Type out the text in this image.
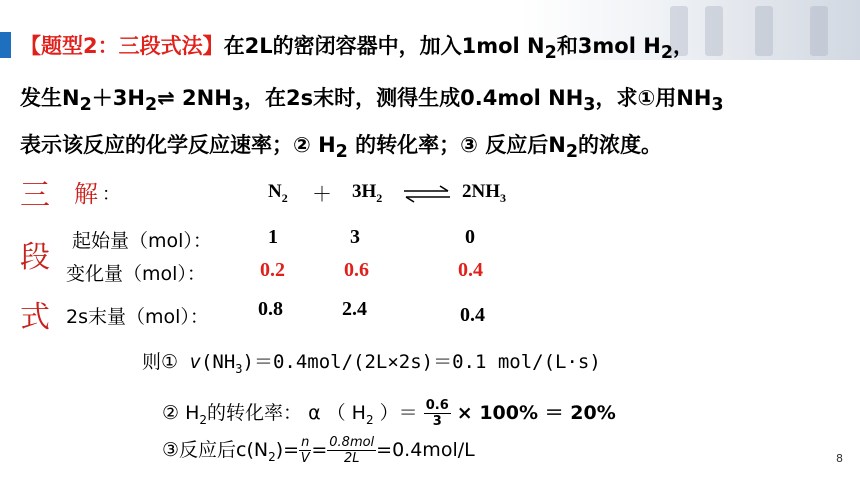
【题型2：三段式法】在2L的密闭容器中，加入1mol $N_2$和3mol $H_2$，
发生$N_2+3H_2\rightleftharpoons$ $2NH_3$，在2s末时，测得生成0.4mol $NH_3$，求①用$NH_3$
表示该反应的化学反应速率；② $H_2$ 的转化率；③ 反应后$N_2$的浓度。
三
段
式
解 ：	$N_2 + 3H_2$ ⇌ $2NH_3$
起始量（mol）：	1	3	0
变化量（mol）：	0.2	0.6	0.4
2s末量（mol）： 0.8	2.4	0.4
则① $v(NH_3)=0.4mol/(2L\times 2s)=0.1$ mol/(L·s)
② $H_2$的转化率： α （ $H_2$ ）＝ $\frac{0.6}{3} \times 100\% = 20\%$
③反应后$c(N_2)= \frac{n}{V} = \frac{\text{0.8mol}}{2L} =0.4mol/L$	8
